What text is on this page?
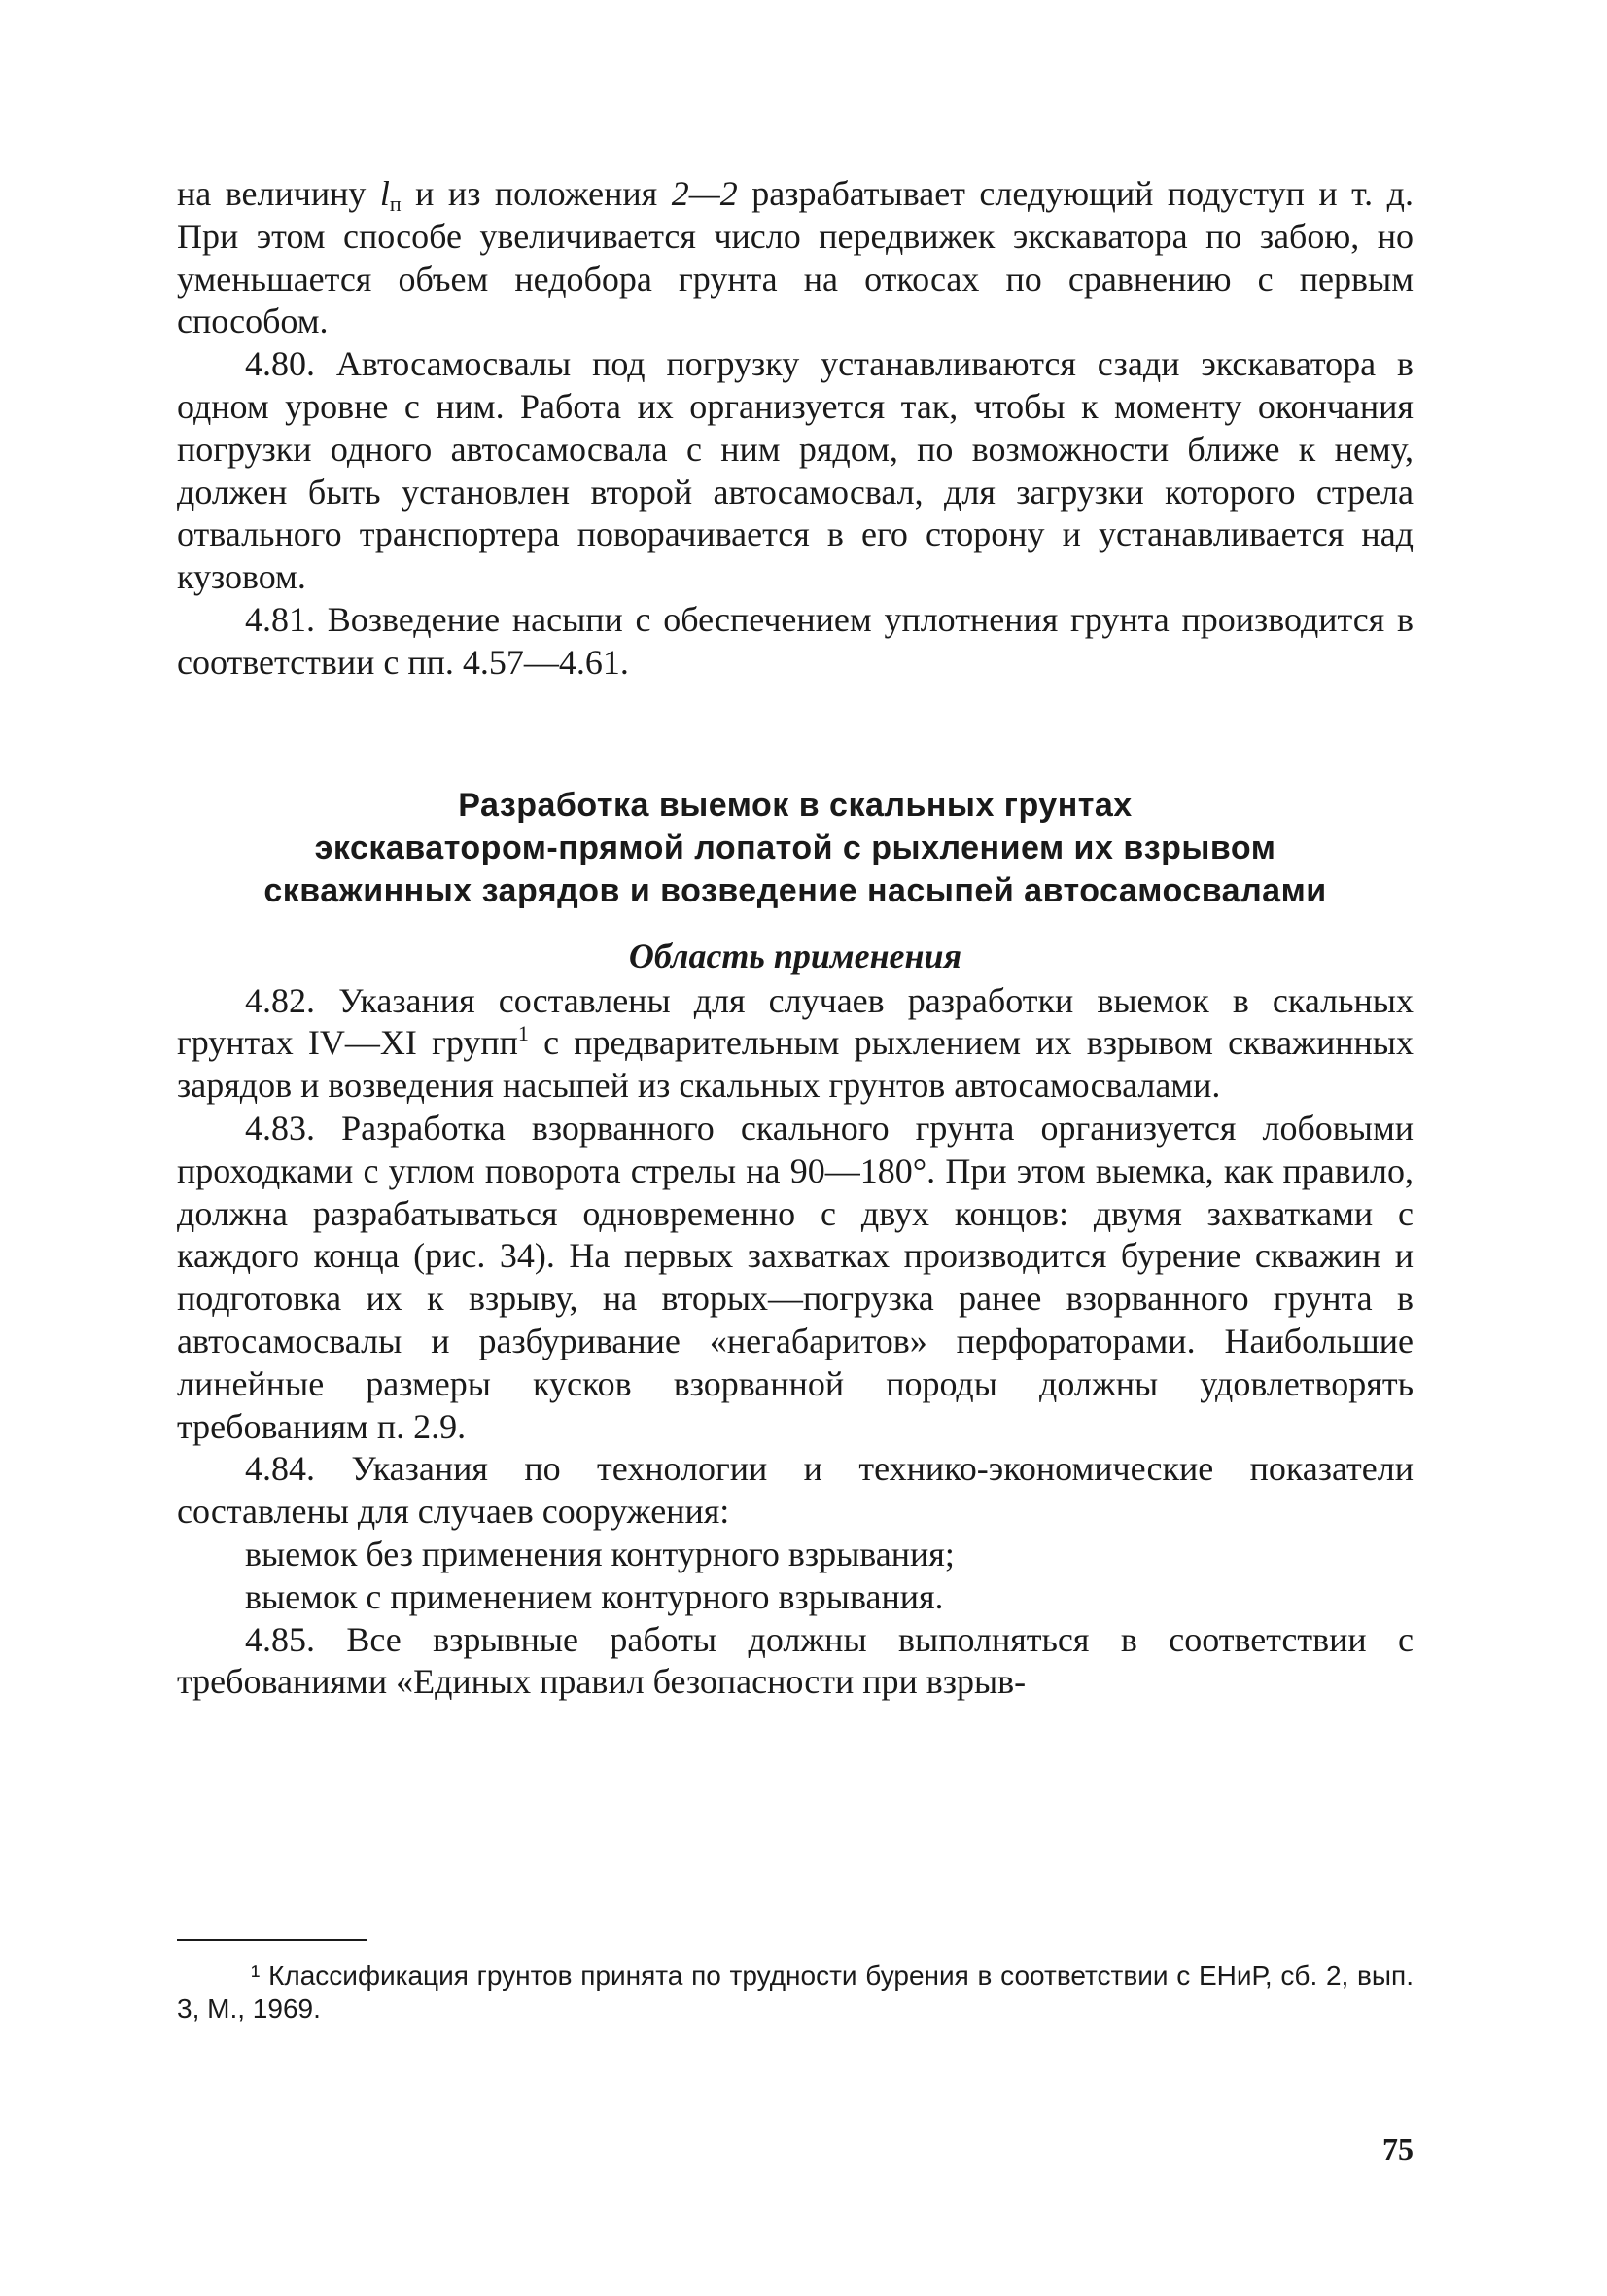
на величину $l_п$ и из положения 2—2 разрабатывает следующий подуступ и т. д. При этом способе увеличивается число передвижек экскаватора по забою, но уменьшается объем недобора грунта на откосах по сравнению с первым способом.

4.80. Автосамосвалы под погрузку устанавливаются сзади экскаватора в одном уровне с ним. Работа их организуется так, чтобы к моменту окончания погрузки одного автосамосвала с ним рядом, по возможности ближе к нему, должен быть установлен второй автосамосвал, для загрузки которого стрела отвального транспортера поворачивается в его сторону и устанавливается над кузовом.

4.81. Возведение насыпи с обеспечением уплотнения грунта производится в соответствии с пп. 4.57—4.61.

Разработка выемок в скальных грунтах
экскаватором-прямой лопатой с рыхлением их взрывом
скважинных зарядов и возведение насыпей автосамосвалами
Область применения

4.82. Указания составлены для случаев разработки выемок в скальных грунтах IV—XI групп$^1$ с предварительным рыхлением их взрывом скважинных зарядов и возведения насыпей из скальных грунтов автосамосвалами.

4.83. Разработка взорванного скального грунта организуется лобовыми проходками с углом поворота стрелы на 90—180°. При этом выемка, как правило, должна разрабатываться одновременно с двух концов: двумя захватками с каждого конца (рис. 34). На первых захватках производится бурение скважин и подготовка их к взрыву, на вторых—погрузка ранее взорванного грунта в автосамосвалы и разбуривание «негабаритов» перфораторами. Наибольшие линейные размеры кусков взорванной породы должны удовлетворять требованиям п. 2.9.

4.84. Указания по технологии и технико-экономические показатели составлены для случаев сооружения:

выемок без применения контурного взрывания;
выемок с применением контурного взрывания.

4.85. Все взрывные работы должны выполняться в соответствии с требованиями «Единых правил безопасности при взрыв-

¹ Классификация грунтов принята по трудности бурения в соответствии с ЕНиР, сб. 2, вып. 3, М., 1969.

75
